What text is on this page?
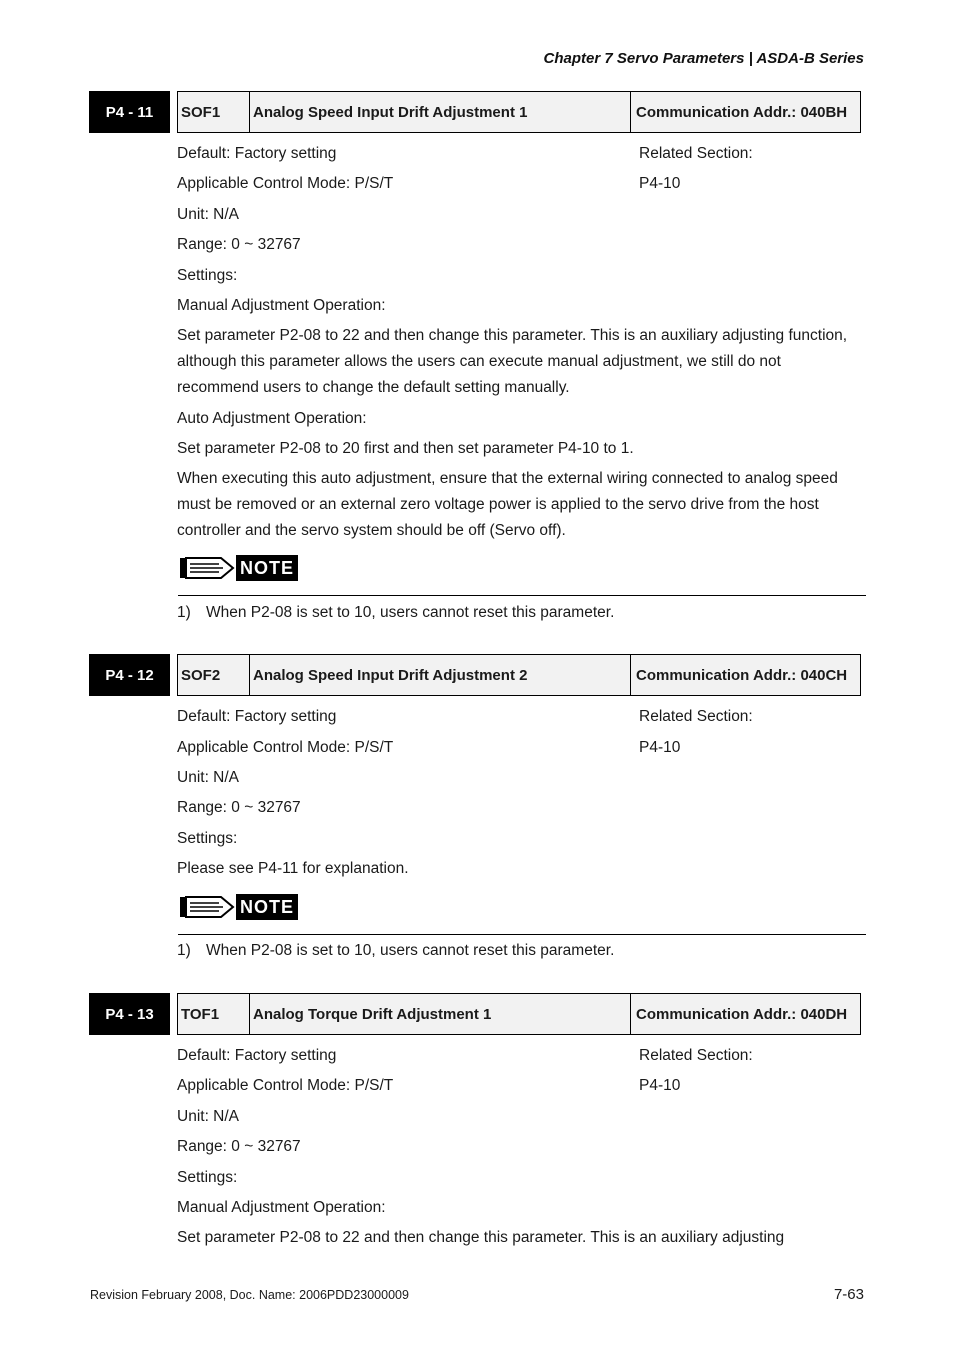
Chapter 7 Servo Parameters | ASDA-B Series
P4 - 11	SOF1	Analog Speed Input Drift Adjustment 1	Communication Addr.: 040BH
Default: Factory setting	Related Section:
Applicable Control Mode: P/S/T	P4-10
Unit: N/A
Range: 0 ~ 32767
Settings:
Manual Adjustment Operation:
Set parameter P2-08 to 22 and then change this parameter. This is an auxiliary adjusting function, although this parameter allows the users can execute manual adjustment, we still do not recommend users to change the default setting manually.
Auto Adjustment Operation:
Set parameter P2-08 to 20 first and then set parameter P4-10 to 1.
When executing this auto adjustment, ensure that the external wiring connected to analog speed must be removed or an external zero voltage power is applied to the servo drive from the host controller and the servo system should be off (Servo off).
NOTE
1) When P2-08 is set to 10, users cannot reset this parameter.
P4 - 12	SOF2	Analog Speed Input Drift Adjustment 2	Communication Addr.: 040CH
Default: Factory setting	Related Section:
Applicable Control Mode: P/S/T	P4-10
Unit: N/A
Range: 0 ~ 32767
Settings:
Please see P4-11 for explanation.
NOTE
1) When P2-08 is set to 10, users cannot reset this parameter.
P4 - 13	TOF1	Analog Torque Drift Adjustment 1	Communication Addr.: 040DH
Default: Factory setting	Related Section:
Applicable Control Mode: P/S/T	P4-10
Unit: N/A
Range: 0 ~ 32767
Settings:
Manual Adjustment Operation:
Set parameter P2-08 to 22 and then change this parameter. This is an auxiliary adjusting
Revision February 2008, Doc. Name: 2006PDD23000009	7-63
